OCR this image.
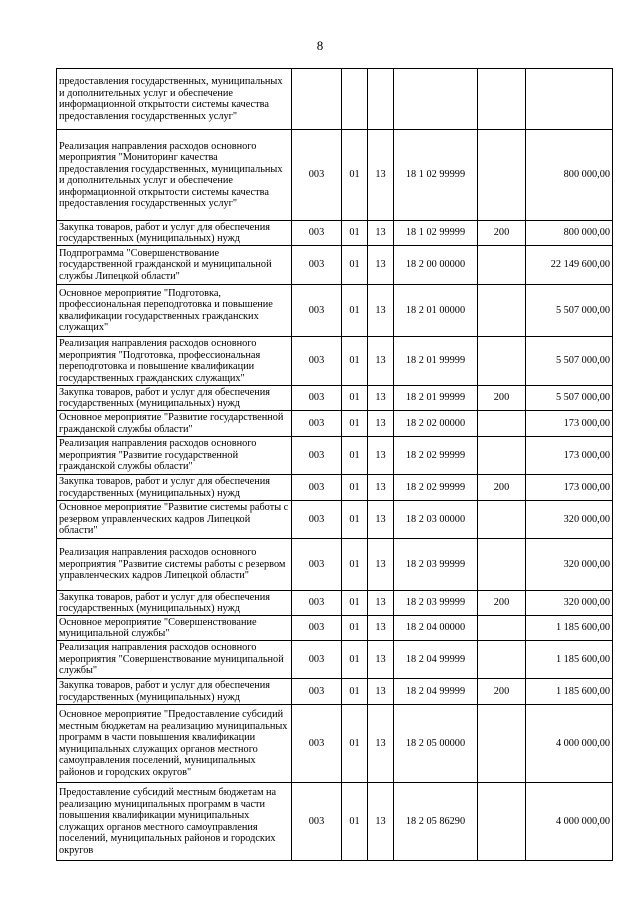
8
предоставления государственных, муниципальных и дополнительных услуг и обеспечение информационной открытости системы качества предоставления государственных услуг"						
Реализация направления расходов основного мероприятия "Мониторинг качества предоставления государственных, муниципальных и дополнительных услуг и обеспечение информационной открытости системы качества предоставления государственных услуг"	003	01	13	18 1 02 99999		800 000,00
Закупка товаров, работ и услуг для обеспечения государственных (муниципальных) нужд	003	01	13	18 1 02 99999	200	800 000,00
Подпрограмма "Совершенствование государственной гражданской и муниципальной службы Липецкой области"	003	01	13	18 2 00 00000		22 149 600,00
Основное мероприятие "Подготовка, профессиональная переподготовка и повышение квалификации государственных гражданских служащих"	003	01	13	18 2 01 00000		5 507 000,00
Реализация направления расходов основного мероприятия "Подготовка, профессиональная переподготовка и повышение квалификации государственных гражданских служащих"	003	01	13	18 2 01 99999		5 507 000,00
Закупка товаров, работ и услуг для обеспечения государственных (муниципальных) нужд	003	01	13	18 2 01 99999	200	5 507 000,00
Основное мероприятие "Развитие государственной гражданской службы области"	003	01	13	18 2 02 00000		173 000,00
Реализация направления расходов основного мероприятия "Развитие государственной гражданской службы области"	003	01	13	18 2 02 99999		173 000,00
Закупка товаров, работ и услуг для обеспечения государственных (муниципальных) нужд	003	01	13	18 2 02 99999	200	173 000,00
Основное мероприятие "Развитие системы работы с резервом управленческих кадров Липецкой области"	003	01	13	18 2 03 00000		320 000,00
Реализация направления расходов основного мероприятия "Развитие системы работы с резервом управленческих кадров Липецкой области"	003	01	13	18 2 03 99999		320 000,00
Закупка товаров, работ и услуг для обеспечения государственных (муниципальных) нужд	003	01	13	18 2 03 99999	200	320 000,00
Основное мероприятие "Совершенствование муниципальной службы"	003	01	13	18 2 04 00000		1 185 600,00
Реализация направления расходов основного мероприятия "Совершенствование муниципальной службы"	003	01	13	18 2 04 99999		1 185 600,00
Закупка товаров, работ и услуг для обеспечения государственных (муниципальных) нужд	003	01	13	18 2 04 99999	200	1 185 600,00
Основное мероприятие "Предоставление субсидий местным бюджетам на реализацию муниципальных программ в части повышения квалификации муниципальных служащих органов местного самоуправления поселений, муниципальных районов и городских округов"	003	01	13	18 2 05 00000		4 000 000,00
Предоставление субсидий местным бюджетам на реализацию муниципальных программ в части повышения квалификации муниципальных служащих органов местного самоуправления поселений, муниципальных районов и городских округов	003	01	13	18 2 05 86290		4 000 000,00
